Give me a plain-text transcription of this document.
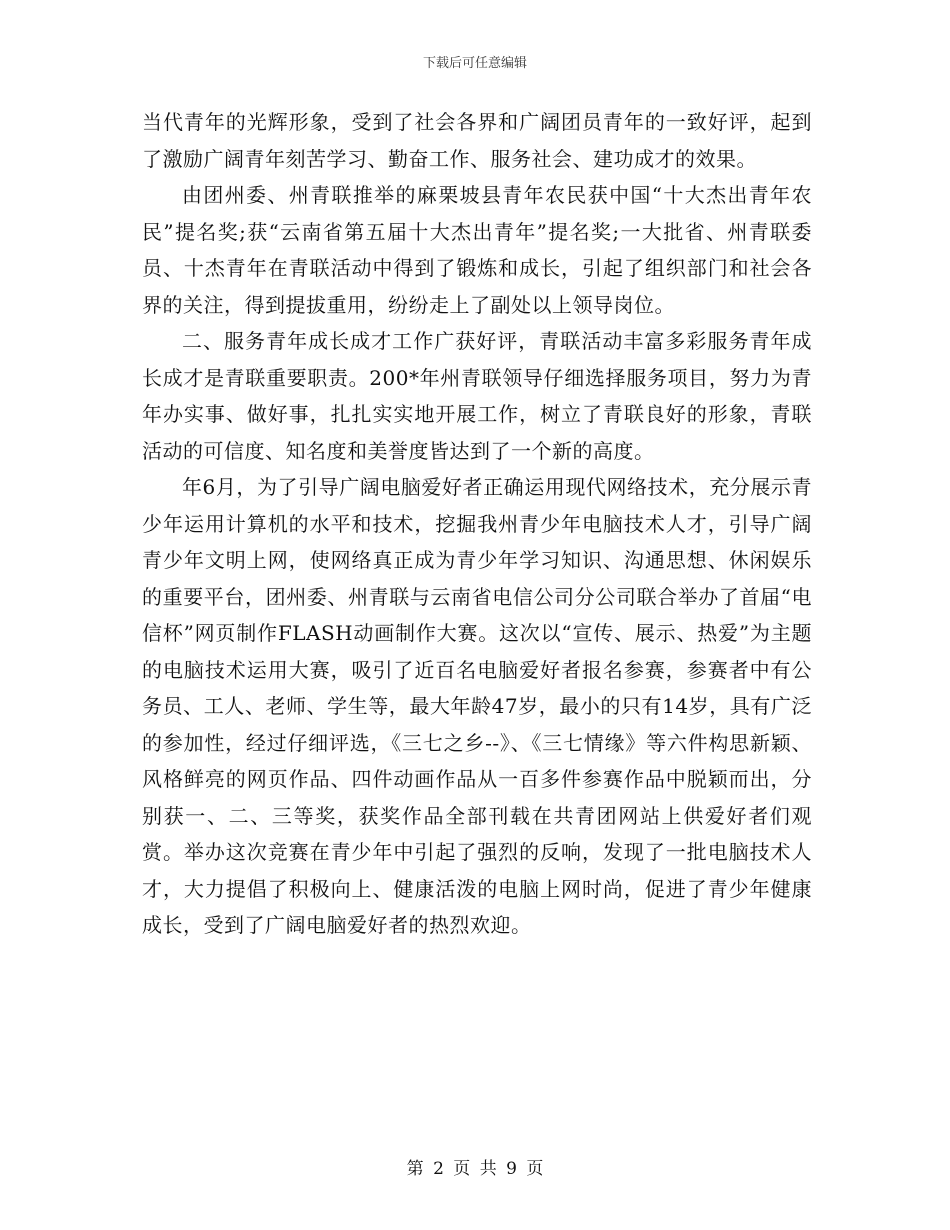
下载后可任意编辑

当代青年的光辉形象，受到了社会各界和广阔团员青年的一致好评，起到了激励广阔青年刻苦学习、勤奋工作、服务社会、建功成才的效果。

由团州委、州青联推举的麻栗坡县青年农民获中国“十大杰出青年农民”提名奖;获“云南省第五届十大杰出青年”提名奖;一大批省、州青联委员、十杰青年在青联活动中得到了锻炼和成长，引起了组织部门和社会各界的关注，得到提拔重用，纷纷走上了副处以上领导岗位。

二、服务青年成长成才工作广获好评，青联活动丰富多彩服务青年成长成才是青联重要职责。200*年州青联领导仔细选择服务项目，努力为青年办实事、做好事，扎扎实实地开展工作，树立了青联良好的形象，青联活动的可信度、知名度和美誉度皆达到了一个新的高度。

年6月，为了引导广阔电脑爱好者正确运用现代网络技术，充分展示青少年运用计算机的水平和技术，挖掘我州青少年电脑技术人才，引导广阔青少年文明上网，使网络真正成为青少年学习知识、沟通思想、休闲娱乐的重要平台，团州委、州青联与云南省电信公司分公司联合举办了首届“电信杯”网页制作FLASH动画制作大赛。这次以“宣传、展示、热爱”为主题的电脑技术运用大赛，吸引了近百名电脑爱好者报名参赛，参赛者中有公务员、工人、老师、学生等，最大年龄47岁，最小的只有14岁，具有广泛的参加性，经过仔细评选，《三七之乡--》、《三七情缘》等六件构思新颖、风格鲜亮的网页作品、四件动画作品从一百多件参赛作品中脱颖而出，分别获一、二、三等奖，获奖作品全部刊载在共青团网站上供爱好者们观赏。举办这次竞赛在青少年中引起了强烈的反响，发现了一批电脑技术人才，大力提倡了积极向上、健康活泼的电脑上网时尚，促进了青少年健康成长，受到了广阔电脑爱好者的热烈欢迎。

第 2 页 共 9 页
